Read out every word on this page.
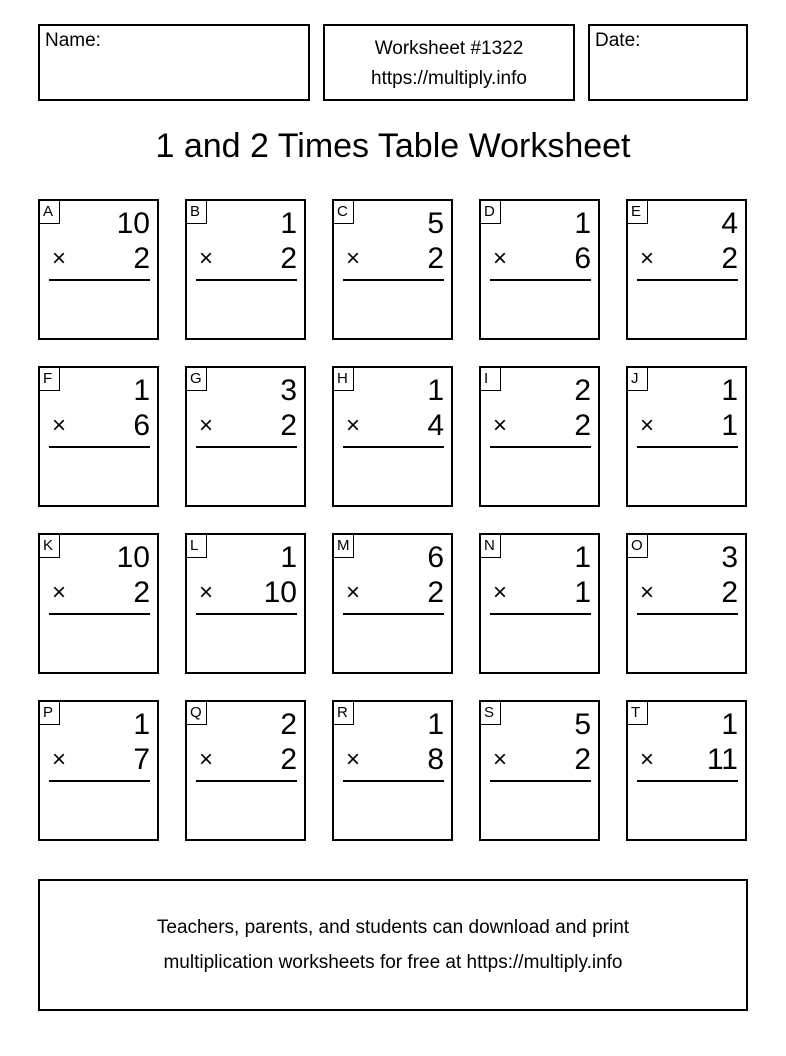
Name:	Worksheet #1322
https://multiply.info
Date:
1 and 2 Times Table Worksheet
A 10
× 2
B	1
× 2
C	5
× 2
D	1
× 6
E	4
× 2
F	1
× 6
G	3
× 2
H	1
× 4
I	2
× 2
J	1
× 1
K 10
× 2
L	1
× 10
M	6
× 2
N	1
× 1
O	3
× 2
P	1
× 7
Q	2
× 2
R	1
× 8
S	5
× 2
T	1
× 11
Teachers, parents, and students can download and print
multiplication worksheets for free at https://multiply.info
